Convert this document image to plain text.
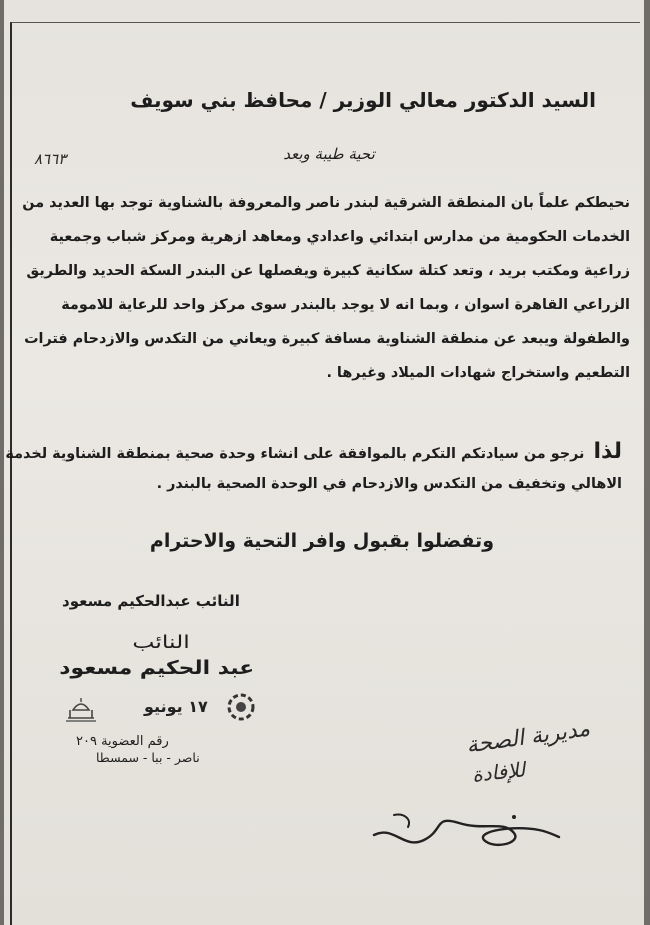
السيد الدكتور معالي الوزير / محافظ بني سويف
٨٦٦٣	تحية طيبة وبعد
نحيطكم علماً بان المنطقة الشرقية لبندر ناصر والمعروفة بالشناوية توجد بها العديد من
الخدمات الحكومية من مدارس ابتدائي واعدادي ومعاهد ازهرية ومركز شباب وجمعية
زراعية ومكتب بريد ، وتعد كتلة سكانية كبيرة ويفصلها عن البندر السكة الحديد والطريق
الزراعي القاهرة اسوان ، وبما انه لا يوجد بالبندر سوى مركز واحد للرعاية للامومة
والطفولة ويبعد عن منطقة الشناوية مسافة كبيرة ويعاني من التكدس والازدحام فترات
التطعيم واستخراج شهادات الميلاد وغيرها .
لذا نرجو من سيادتكم التكرم بالموافقة على انشاء وحدة صحية بمنطقة الشناوية لخدمة
الاهالي وتخفيف من التكدس والازدحام في الوحدة الصحية بالبندر .
وتفضلوا بقبول وافر التحية والاحترام
النائب عبدالحكيم مسعود
النائب
عبد الحكيم مسعود
١٧ يونيو
رقم العضوية ٢٠٩
ناصر - ببا - سمسطا	مديرية الصحة
للإفادة
